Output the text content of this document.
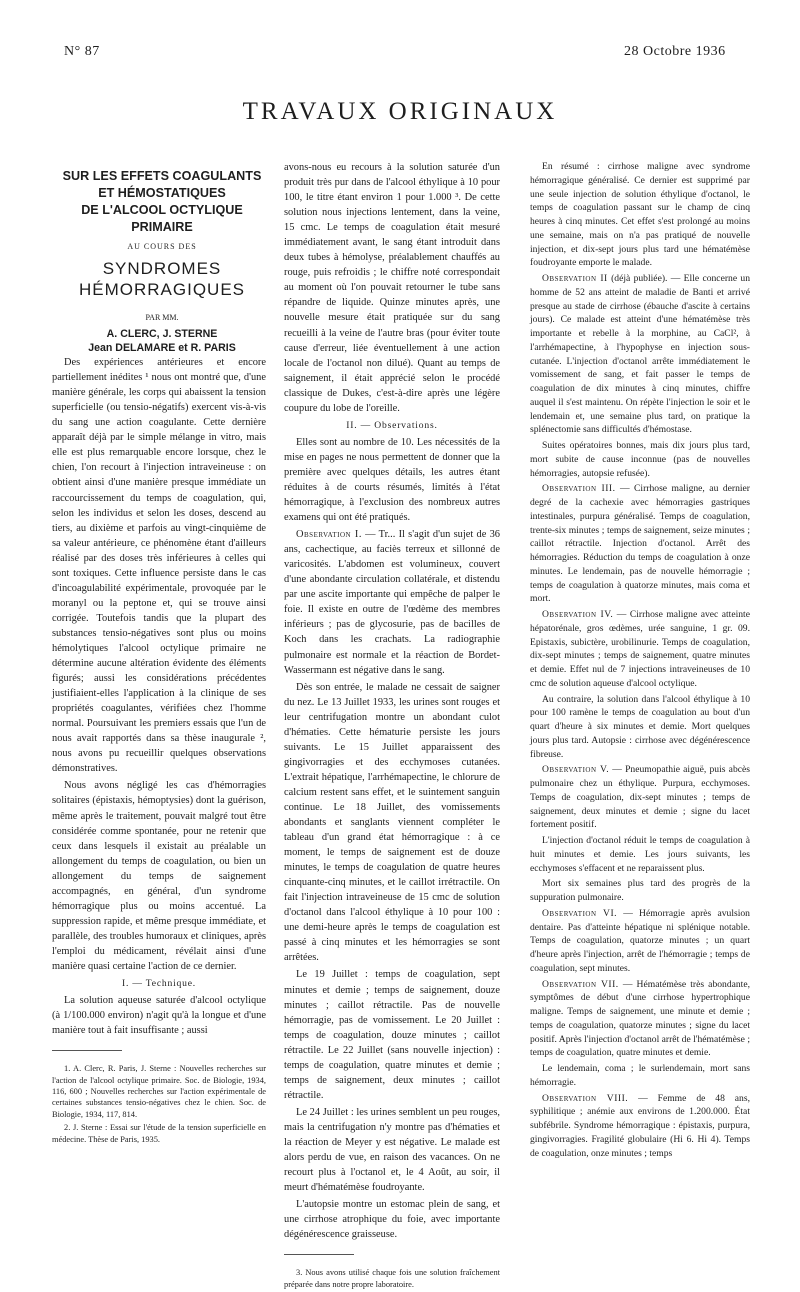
N° 87	28 Octobre 1936
TRAVAUX ORIGINAUX
SUR LES EFFETS COAGULANTS
ET HÉMOSTATIQUES
DE L'ALCOOL OCTYLIQUE PRIMAIRE
AU COURS DES
SYNDROMES
HÉMORRAGIQUES
PAR MM.
A. CLERC, J. STERNE
Jean DELAMARE et R. PARIS

Des expériences antérieures et encore partiellement inédites ¹ nous ont montré que, d'une manière générale, les corps qui abaissent la tension superficielle (ou tensio-négatifs) exercent vis-à-vis du sang une action coagulante. Cette dernière apparaît déjà par le simple mélange in vitro, mais elle est plus remarquable encore lorsque, chez le chien, l'on recourt à l'injection intraveineuse : on obtient ainsi d'une manière presque immédiate un raccourcissement du temps de coagulation, qui, selon les individus et selon les doses, descend au tiers, au dixième et parfois au vingt-cinquième de sa valeur antérieure, ce phénomène étant d'ailleurs réalisé par des doses très inférieures à celles qui sont toxiques. Cette influence persiste dans le cas d'incoagulabilité expérimentale, provoquée par le moranyl ou la peptone et, qui se trouve ainsi corrigée. Toutefois tandis que la plupart des substances tensio-négatives sont plus ou moins hémolytiques l'alcool octylique primaire ne détermine aucune altération évidente des éléments figurés; aussi les considérations précédentes justifiaient-elles l'application à la clinique de ses propriétés coagulantes, vérifiées chez l'homme normal. Poursuivant les premiers essais que l'un de nous avait rapportés dans sa thèse inaugurale ², nous avons pu recueillir quelques observations démonstratives.

Nous avons négligé les cas d'hémorragies solitaires (épistaxis, hémoptysies) dont la guérison, même après le traitement, pouvait malgré tout être considérée comme spontanée, pour ne retenir que ceux dans lesquels il existait au préalable un allongement du temps de coagulation, ou bien un allongement du temps de saignement accompagnés, en général, d'un syndrome hémorragique plus ou moins accentué. La suppression rapide, et même presque immédiate, et parallèle, des troubles humoraux et cliniques, après l'emploi du médicament, révélait ainsi d'une manière quasi certaine l'action de ce dernier.

I. — Technique.

La solution aqueuse saturée d'alcool octylique (à 1/100.000 environ) n'agit qu'à la longue et d'une manière tout à fait insuffisante ; aussi

1. A. Clerc, R. Paris, J. Sterne : Nouvelles recherches sur l'action de l'alcool octylique primaire. Soc. de Biologie, 1934, 116, 600 ; Nouvelles recherches sur l'action expérimentale de certaines substances tensio-négatives chez le chien. Soc. de Biologie, 1934, 117, 814.

2. J. Sterne : Essai sur l'étude de la tension superficielle en médecine. Thèse de Paris, 1935.

avons-nous eu recours à la solution saturée d'un produit très pur dans de l'alcool éthylique à 10 pour 100, le titre étant environ 1 pour 1.000 ³. De cette solution nous injections lentement, dans la veine, 15 cmc. Le temps de coagulation était mesuré immédiatement avant, le sang étant introduit dans deux tubes à hémolyse, préalablement chauffés au rouge, puis refroidis ; le chiffre noté correspondait au moment où l'on pouvait retourner le tube sans répandre de liquide. Quinze minutes après, une nouvelle mesure était pratiquée sur du sang recueilli à la veine de l'autre bras (pour éviter toute cause d'erreur, liée éventuellement à une action locale de l'octanol non dilué). Quant au temps de saignement, il était apprécié selon le procédé classique de Dukes, c'est-à-dire après une légère coupure du lobe de l'oreille.

II. — Observations.

Elles sont au nombre de 10. Les nécessités de la mise en pages ne nous permettent de donner que la première avec quelques détails, les autres étant réduites à de courts résumés, limités à l'état hémorragique, à l'exclusion des nombreux autres examens qui ont été pratiqués.

Observation I. — Tr... Il s'agit d'un sujet de 36 ans, cachectique, au faciès terreux et sillonné de varicosités. L'abdomen est volumineux, couvert d'une abondante circulation collatérale, et distendu par une ascite importante qui empêche de palper le foie. Il existe en outre de l'œdème des membres inférieurs ; pas de glycosurie, pas de bacilles de Koch dans les crachats. La radiographie pulmonaire est normale et la réaction de Bordet-Wassermann est négative dans le sang.

Dès son entrée, le malade ne cessait de saigner du nez. Le 13 Juillet 1933, les urines sont rouges et leur centrifugation montre un abondant culot d'hématies. Cette hématurie persiste les jours suivants. Le 15 Juillet apparaissent des gingivorragies et des ecchymoses cutanées. L'extrait hépatique, l'arrhémapectine, le chlorure de calcium restent sans effet, et le suintement sanguin continue. Le 18 Juillet, des vomissements abondants et sanglants viennent compléter le tableau d'un grand état hémorragique : à ce moment, le temps de saignement est de douze minutes, le temps de coagulation de quatre heures cinquante-cinq minutes, et le caillot irrétractile. On fait l'injection intraveineuse de 15 cmc de solution d'octanol dans l'alcool éthylique à 10 pour 100 : une demi-heure après le temps de coagulation est passé à cinq minutes et les hémorragies se sont arrêtées.

Le 19 Juillet : temps de coagulation, sept minutes et demie ; temps de saignement, douze minutes ; caillot rétractile. Pas de nouvelle hémorragie, pas de vomissement. Le 20 Juillet : temps de coagulation, douze minutes ; caillot rétractile. Le 22 Juillet (sans nouvelle injection) : temps de coagulation, quatre minutes et demie ; temps de saignement, deux minutes ; caillot rétractile.

Le 24 Juillet : les urines semblent un peu rouges, mais la centrifugation n'y montre pas d'hématies et la réaction de Meyer y est négative. Le malade est alors perdu de vue, en raison des vacances. On ne recourt plus à l'octanol et, le 4 Août, au soir, il meurt d'hématémèse foudroyante.

L'autopsie montre un estomac plein de sang, et une cirrhose atrophique du foie, avec importante dégénérescence graisseuse.

3. Nous avons utilisé chaque fois une solution fraîchement préparée dans notre propre laboratoire.

En résumé : cirrhose maligne avec syndrome hémorragique généralisé. Ce dernier est supprimé par une seule injection de solution éthylique d'octanol, le temps de coagulation passant sur le champ de cinq heures à cinq minutes. Cet effet s'est prolongé au moins une semaine, mais on n'a pas pratiqué de nouvelle injection, et dix-sept jours plus tard une hématémèse foudroyante emporte le malade.

Observation II (déjà publiée). — Elle concerne un homme de 52 ans atteint de maladie de Banti et arrivé presque au stade de cirrhose (ébauche d'ascite à certains jours). Ce malade est atteint d'une hématémèse très importante et rebelle à la morphine, au CaCl², à l'arrhémapectine, à l'hypophyse en injection sous-cutanée. L'injection d'octanol arrête immédiatement le vomissement de sang, et fait passer le temps de coagulation de dix minutes à cinq minutes, chiffre auquel il s'est maintenu. On répète l'injection le soir et le lendemain et, une semaine plus tard, on pratique la splénectomie sans difficultés d'hémostase.

Suites opératoires bonnes, mais dix jours plus tard, mort subite de cause inconnue (pas de nouvelles hémorragies, autopsie refusée).

Observation III. — Cirrhose maligne, au dernier degré de la cachexie avec hémorragies gastriques intestinales, purpura généralisé. Temps de coagulation, trente-six minutes ; temps de saignement, seize minutes ; caillot rétractile. Injection d'octanol. Arrêt des hémorragies. Réduction du temps de coagulation à onze minutes. Le lendemain, pas de nouvelle hémorragie ; temps de coagulation à quatorze minutes, mais coma et mort.

Observation IV. — Cirrhose maligne avec atteinte hépatorénale, gros œdèmes, urée sanguine, 1 gr. 09. Epistaxis, subictère, urobilinurie. Temps de coagulation, dix-sept minutes ; temps de saignement, quatre minutes et demie. Effet nul de 7 injections intraveineuses de 10 cmc de solution aqueuse d'alcool octylique.

Au contraire, la solution dans l'alcool éthylique à 10 pour 100 ramène le temps de coagulation au bout d'un quart d'heure à six minutes et demie. Mort quelques jours plus tard. Autopsie : cirrhose avec dégénérescence fibreuse.

Observation V. — Pneumopathie aiguë, puis abcès pulmonaire chez un éthylique. Purpura, ecchymoses. Temps de coagulation, dix-sept minutes ; temps de saignement, deux minutes et demie ; signe du lacet fortement positif.

L'injection d'octanol réduit le temps de coagulation à huit minutes et demie. Les jours suivants, les ecchymoses s'effacent et ne reparaissent plus.

Mort six semaines plus tard des progrès de la suppuration pulmonaire.

Observation VI. — Hémorragie après avulsion dentaire. Pas d'atteinte hépatique ni splénique notable. Temps de coagulation, quatorze minutes ; un quart d'heure après l'injection, arrêt de l'hémorragie ; temps de coagulation, sept minutes.

Observation VII. — Hématémèse très abondante, symptômes de début d'une cirrhose hypertrophique maligne. Temps de saignement, une minute et demie ; temps de coagulation, quatorze minutes ; signe du lacet positif. Après l'injection d'octanol arrêt de l'hématémèse ; temps de coagulation, quatre minutes et demie.

Le lendemain, coma ; le surlendemain, mort sans hémorragie.

Observation VIII. — Femme de 48 ans, syphilitique ; anémie aux environs de 1.200.000. État subfébrile. Syndrome hémorragique : épistaxis, purpura, gingivorragies. Fragilité globulaire (Hi 6. Hi 4). Temps de coagulation, onze minutes ; temps
